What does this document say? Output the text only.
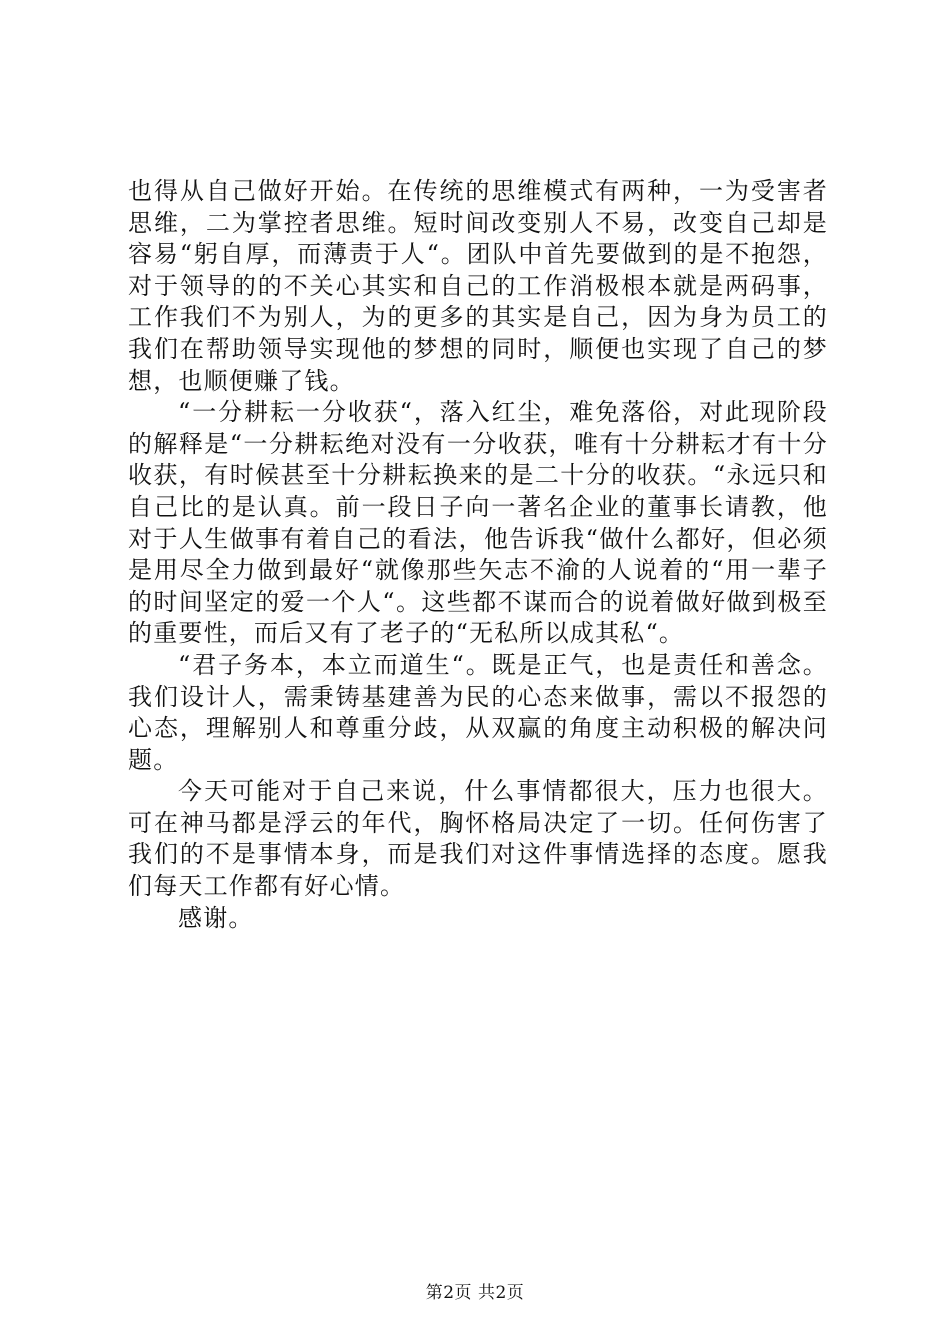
也得从自己做好开始。在传统的思维模式有两种，一为受害者思维，二为掌控者思维。短时间改变别人不易，改变自己却是容易“躬自厚，而薄责于人“。团队中首先要做到的是不抱怨，对于领导的的不关心其实和自己的工作消极根本就是两码事，工作我们不为别人，为的更多的其实是自己，因为身为员工的我们在帮助领导实现他的梦想的同时，顺便也实现了自己的梦想，也顺便赚了钱。

“一分耕耘一分收获“，落入红尘，难免落俗，对此现阶段的解释是“一分耕耘绝对没有一分收获，唯有十分耕耘才有十分收获，有时候甚至十分耕耘换来的是二十分的收获。“永远只和自己比的是认真。前一段日子向一著名企业的董事长请教，他对于人生做事有着自己的看法，他告诉我“做什么都好，但必须是用尽全力做到最好“就像那些矢志不渝的人说着的“用一辈子的时间坚定的爱一个人“。这些都不谋而合的说着做好做到极至的重要性，而后又有了老子的“无私所以成其私“。

“君子务本，本立而道生“。既是正气，也是责任和善念。我们设计人，需秉铸基建善为民的心态来做事，需以不报怨的心态，理解别人和尊重分歧，从双赢的角度主动积极的解决问题。

今天可能对于自己来说，什么事情都很大，压力也很大。可在神马都是浮云的年代，胸怀格局决定了一切。任何伤害了我们的不是事情本身，而是我们对这件事情选择的态度。愿我们每天工作都有好心情。

感谢。

第2页 共2页
